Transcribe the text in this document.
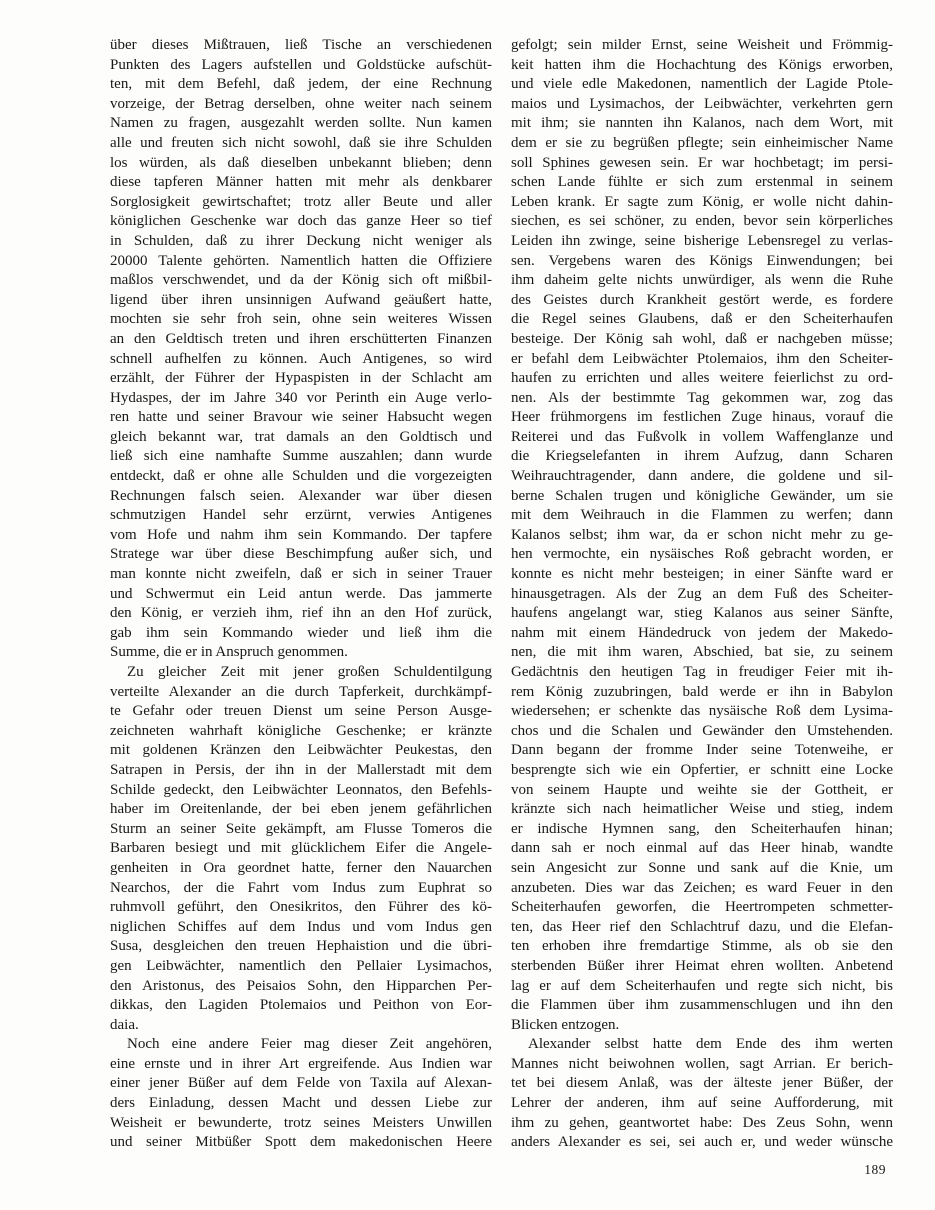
über dieses Mißtrauen, ließ Tische an verschiedenen
Punkten des Lagers aufstellen und Goldstücke aufschüt-
ten, mit dem Befehl, daß jedem, der eine Rechnung
vorzeige, der Betrag derselben, ohne weiter nach seinem
Namen zu fragen, ausgezahlt werden sollte. Nun kamen
alle und freuten sich nicht sowohl, daß sie ihre Schulden
los würden, als daß dieselben unbekannt blieben; denn
diese tapferen Männer hatten mit mehr als denkbarer
Sorglosigkeit gewirtschaftet; trotz aller Beute und aller
königlichen Geschenke war doch das ganze Heer so tief
in Schulden, daß zu ihrer Deckung nicht weniger als
20000 Talente gehörten. Namentlich hatten die Offiziere
maßlos verschwendet, und da der König sich oft mißbil-
ligend über ihren unsinnigen Aufwand geäußert hatte,
mochten sie sehr froh sein, ohne sein weiteres Wissen
an den Geldtisch treten und ihren erschütterten Finanzen
schnell aufhelfen zu können. Auch Antigenes, so wird
erzählt, der Führer der Hypaspisten in der Schlacht am
Hydaspes, der im Jahre 340 vor Perinth ein Auge verlo-
ren hatte und seiner Bravour wie seiner Habsucht wegen
gleich bekannt war, trat damals an den Goldtisch und
ließ sich eine namhafte Summe auszahlen; dann wurde
entdeckt, daß er ohne alle Schulden und die vorgezeigten
Rechnungen falsch seien. Alexander war über diesen
schmutzigen Handel sehr erzürnt, verwies Antigenes
vom Hofe und nahm ihm sein Kommando. Der tapfere
Stratege war über diese Beschimpfung außer sich, und
man konnte nicht zweifeln, daß er sich in seiner Trauer
und Schwermut ein Leid antun werde. Das jammerte
den König, er verzieh ihm, rief ihn an den Hof zurück,
gab ihm sein Kommando wieder und ließ ihm die
Summe, die er in Anspruch genommen.
Zu gleicher Zeit mit jener großen Schuldentilgung
verteilte Alexander an die durch Tapferkeit, durchkämpf-
te Gefahr oder treuen Dienst um seine Person Ausge-
zeichneten wahrhaft königliche Geschenke; er kränzte
mit goldenen Kränzen den Leibwächter Peukestas, den
Satrapen in Persis, der ihn in der Mallerstadt mit dem
Schilde gedeckt, den Leibwächter Leonnatos, den Befehls-
haber im Oreitenlande, der bei eben jenem gefährlichen
Sturm an seiner Seite gekämpft, am Flusse Tomeros die
Barbaren besiegt und mit glücklichem Eifer die Angele-
genheiten in Ora geordnet hatte, ferner den Nauarchen
Nearchos, der die Fahrt vom Indus zum Euphrat so
ruhmvoll geführt, den Onesikritos, den Führer des kö-
niglichen Schiffes auf dem Indus und vom Indus gen
Susa, desgleichen den treuen Hephaistion und die übri-
gen Leibwächter, namentlich den Pellaier Lysimachos,
den Aristonus, des Peisaios Sohn, den Hipparchen Per-
dikkas, den Lagiden Ptolemaios und Peithon von Eor-
daia.
Noch eine andere Feier mag dieser Zeit angehören,
eine ernste und in ihrer Art ergreifende. Aus Indien war
einer jener Büßer auf dem Felde von Taxila auf Alexan-
ders Einladung, dessen Macht und dessen Liebe zur
Weisheit er bewunderte, trotz seines Meisters Unwillen
und seiner Mitbüßer Spott dem makedonischen Heere
gefolgt; sein milder Ernst, seine Weisheit und Frömmig-
keit hatten ihm die Hochachtung des Königs erworben,
und viele edle Makedonen, namentlich der Lagide Ptole-
maios und Lysimachos, der Leibwächter, verkehrten gern
mit ihm; sie nannten ihn Kalanos, nach dem Wort, mit
dem er sie zu begrüßen pflegte; sein einheimischer Name
soll Sphines gewesen sein. Er war hochbetagt; im persi-
schen Lande fühlte er sich zum erstenmal in seinem
Leben krank. Er sagte zum König, er wolle nicht dahin-
siechen, es sei schöner, zu enden, bevor sein körperliches
Leiden ihn zwinge, seine bisherige Lebensregel zu verlas-
sen. Vergebens waren des Königs Einwendungen; bei
ihm daheim gelte nichts unwürdiger, als wenn die Ruhe
des Geistes durch Krankheit gestört werde, es fordere
die Regel seines Glaubens, daß er den Scheiterhaufen
besteige. Der König sah wohl, daß er nachgeben müsse;
er befahl dem Leibwächter Ptolemaios, ihm den Scheiter-
haufen zu errichten und alles weitere feierlichst zu ord-
nen. Als der bestimmte Tag gekommen war, zog das
Heer frühmorgens im festlichen Zuge hinaus, vorauf die
Reiterei und das Fußvolk in vollem Waffenglanze und
die Kriegselefanten in ihrem Aufzug, dann Scharen
Weihrauchtragender, dann andere, die goldene und sil-
berne Schalen trugen und königliche Gewänder, um sie
mit dem Weihrauch in die Flammen zu werfen; dann
Kalanos selbst; ihm war, da er schon nicht mehr zu ge-
hen vermochte, ein nysäisches Roß gebracht worden, er
konnte es nicht mehr besteigen; in einer Sänfte ward er
hinausgetragen. Als der Zug an dem Fuß des Scheiter-
haufens angelangt war, stieg Kalanos aus seiner Sänfte,
nahm mit einem Händedruck von jedem der Makedo-
nen, die mit ihm waren, Abschied, bat sie, zu seinem
Gedächtnis den heutigen Tag in freudiger Feier mit ih-
rem König zuzubringen, bald werde er ihn in Babylon
wiedersehen; er schenkte das nysäische Roß dem Lysima-
chos und die Schalen und Gewänder den Umstehenden.
Dann begann der fromme Inder seine Totenweihe, er
besprengte sich wie ein Opfertier, er schnitt eine Locke
von seinem Haupte und weihte sie der Gottheit, er
kränzte sich nach heimatlicher Weise und stieg, indem
er indische Hymnen sang, den Scheiterhaufen hinan;
dann sah er noch einmal auf das Heer hinab, wandte
sein Angesicht zur Sonne und sank auf die Knie, um
anzubeten. Dies war das Zeichen; es ward Feuer in den
Scheiterhaufen geworfen, die Heertrompeten schmetter-
ten, das Heer rief den Schlachtruf dazu, und die Elefan-
ten erhoben ihre fremdartige Stimme, als ob sie den
sterbenden Büßer ihrer Heimat ehren wollten. Anbetend
lag er auf dem Scheiterhaufen und regte sich nicht, bis
die Flammen über ihm zusammenschlugen und ihn den
Blicken entzogen.
Alexander selbst hatte dem Ende des ihm werten
Mannes nicht beiwohnen wollen, sagt Arrian. Er berich-
tet bei diesem Anlaß, was der älteste jener Büßer, der
Lehrer der anderen, ihm auf seine Aufforderung, mit
ihm zu gehen, geantwortet habe: Des Zeus Sohn, wenn
anders Alexander es sei, sei auch er, und weder wünsche
189
